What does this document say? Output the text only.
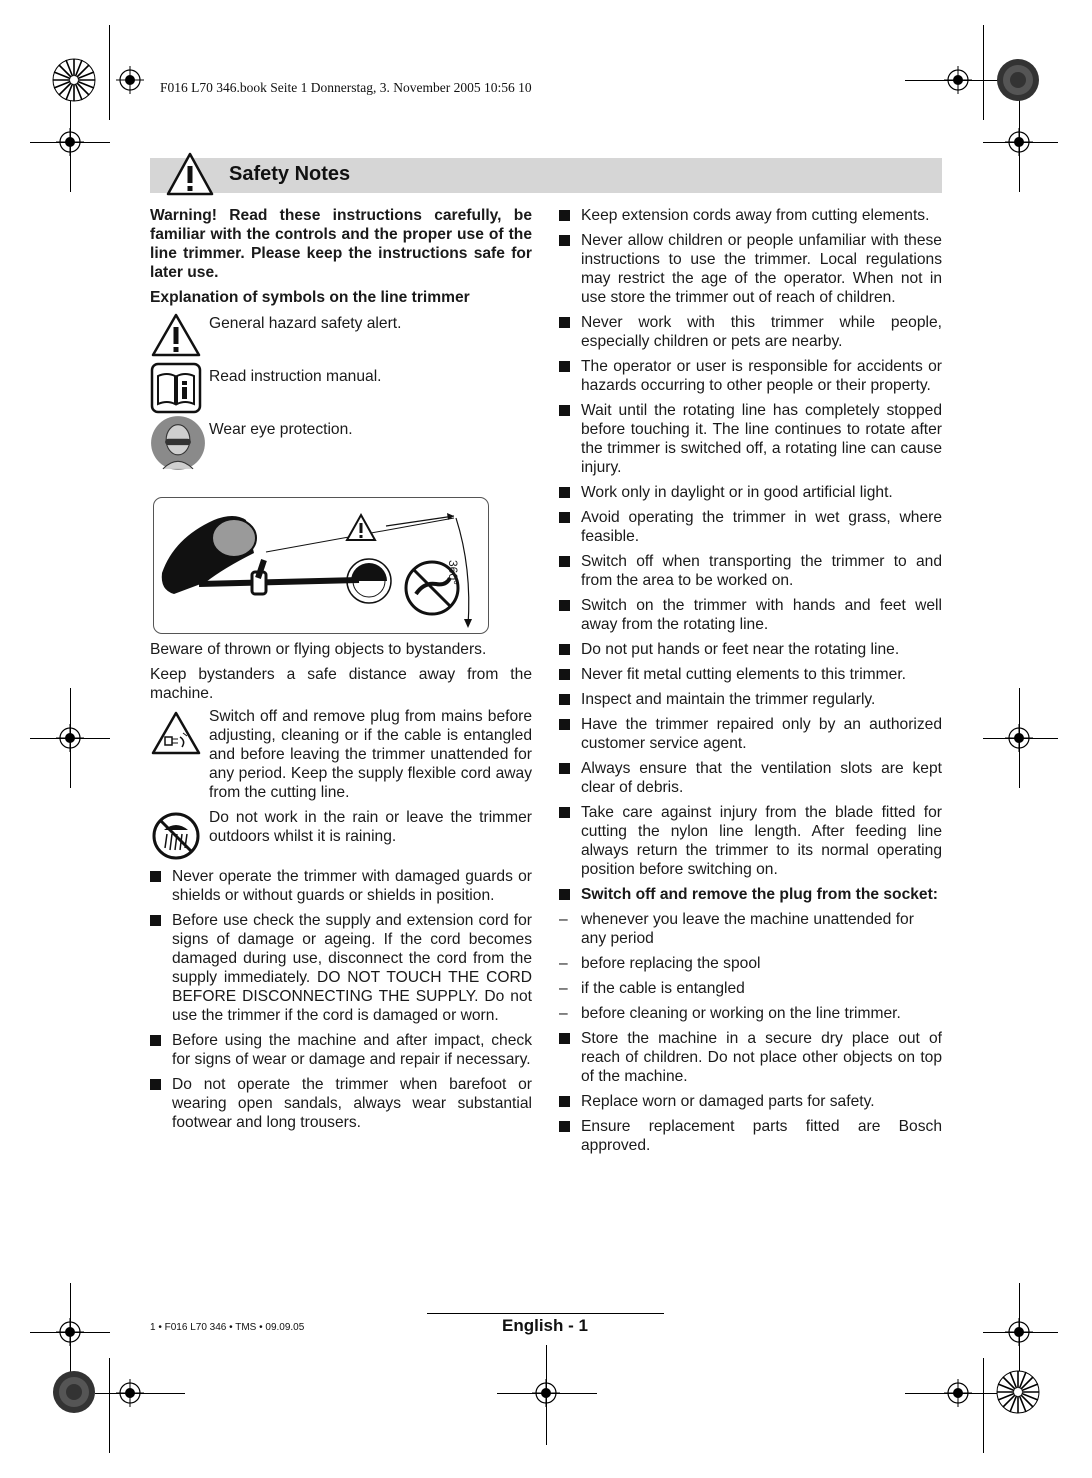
F016 L70 346.book Seite 1 Donnerstag, 3. November 2005 10:56 10
Safety Notes

Warning! Read these instructions carefully, be familiar with the controls and the proper use of the line trimmer. Please keep the instructions safe for later use.

Explanation of symbols on the line trimmer

General hazard safety alert.

Read instruction manual.

Wear eye protection.

360°

Beware of thrown or flying objects to bystanders.

Keep bystanders a safe distance away from the machine.

Switch off and remove plug from mains before adjusting, cleaning or if the cable is entangled and before leaving the trimmer unattended for any period. Keep the supply flexible cord away from the cutting line.

Do not work in the rain or leave the trimmer outdoors whilst it is raining.

Never operate the trimmer with damaged guards or shields or without guards or shields in position.
Before use check the supply and extension cord for signs of damage or ageing. If the cord becomes damaged during use, disconnect the cord from the supply immediately. DO NOT TOUCH THE CORD BEFORE DISCONNECTING THE SUPPLY. Do not use the trimmer if the cord is damaged or worn.
Before using the machine and after impact, check for signs of wear or damage and repair if necessary.
Do not operate the trimmer when barefoot or wearing open sandals, always wear substantial footwear and long trousers.
Keep extension cords away from cutting elements.
Never allow children or people unfamiliar with these instructions to use the trimmer. Local regulations may restrict the age of the operator. When not in use store the trimmer out of reach of children.
Never work with this trimmer while people, especially children or pets are nearby.
The operator or user is responsible for accidents or hazards occurring to other people or their property.
Wait until the rotating line has completely stopped before touching it. The line continues to rotate after the trimmer is switched off, a rotating line can cause injury.
Work only in daylight or in good artificial light.
Avoid operating the trimmer in wet grass, where feasible.
Switch off when transporting the trimmer to and from the area to be worked on.
Switch on the trimmer with hands and feet well away from the rotating line.
Do not put hands or feet near the rotating line.
Never fit metal cutting elements to this trimmer.
Inspect and maintain the trimmer regularly.
Have the trimmer repaired only by an authorized customer service agent.
Always ensure that the ventilation slots are kept clear of debris.
Take care against injury from the blade fitted for cutting the nylon line length. After feeding line always return the trimmer to its normal operating position before switching on.
Switch off and remove the plug from the socket:
– whenever you leave the machine unattended for any period
– before replacing the spool
– if the cable is entangled
– before cleaning or working on the line trimmer.
Store the machine in a secure dry place out of reach of children. Do not place other objects on top of the machine.
Replace worn or damaged parts for safety.
Ensure replacement parts fitted are Bosch approved.
1 • F016 L70 346 • TMS • 09.09.05	English - 1
